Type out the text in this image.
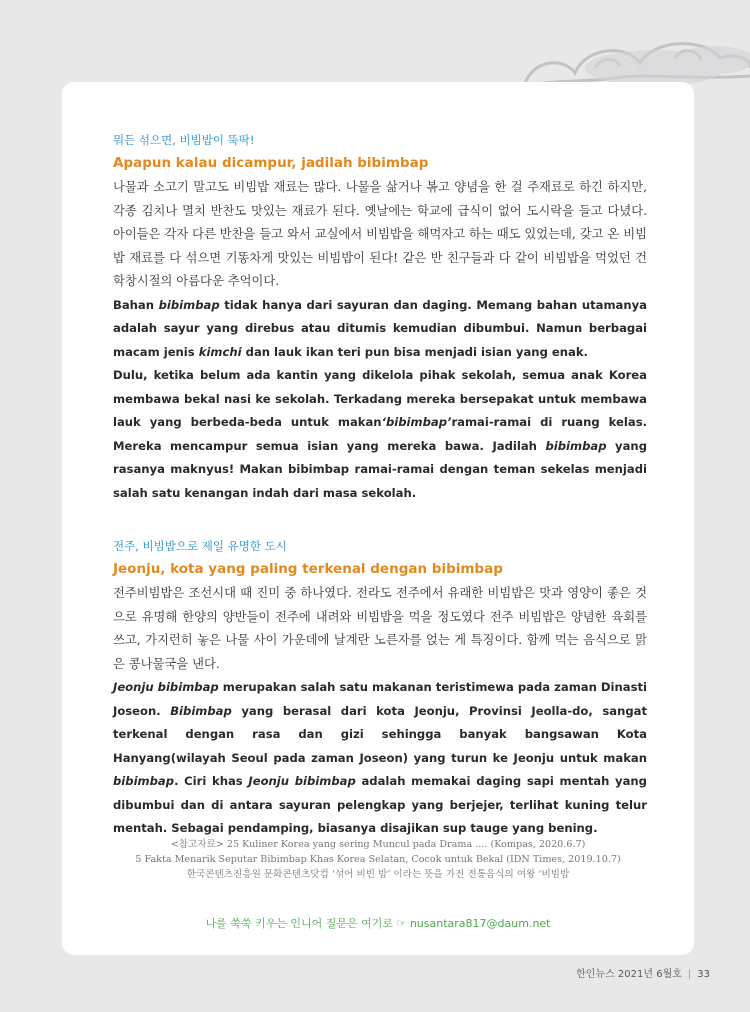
뭐든 섞으면, 비빔밥이 뚝딱!

Apapun kalau dicampur, jadilah bibimbap

나물과 소고기 말고도 비빔밥 재료는 많다. 나물을 삶거나 볶고 양념을 한 걸 주재료로 하긴 하지만, 각종 김치나 멸치 반찬도 맛있는 재료가 된다. 옛날에는 학교에 급식이 없어 도시락을 들고 다녔다. 아이들은 각자 다른 반찬을 들고 와서 교실에서 비빔밥을 해먹자고 하는 때도 있었는데, 갖고 온 비빔밥 재료를 다 섞으면 기똥차게 맛있는 비빔밥이 된다! 같은 반 친구들과 다 같이 비빔밥을 먹었던 건 학창시절의 아름다운 추억이다.

Bahan bibimbap tidak hanya dari sayuran dan daging. Memang bahan utamanya adalah sayur yang direbus atau ditumis kemudian dibumbui. Namun berbagai macam jenis kimchi dan lauk ikan teri pun bisa menjadi isian yang enak.

Dulu, ketika belum ada kantin yang dikelola pihak sekolah, semua anak Korea membawa bekal nasi ke sekolah. Terkadang mereka bersepakat untuk membawa lauk yang berbeda-beda untuk makan‘bibimbap’ramai-ramai di ruang kelas. Mereka mencampur semua isian yang mereka bawa. Jadilah bibimbap yang rasanya maknyus! Makan bibimbap ramai-ramai dengan teman sekelas menjadi salah satu kenangan indah dari masa sekolah.

전주, 비빔밥으로 제일 유명한 도시

Jeonju, kota yang paling terkenal dengan bibimbap

전주비빔밥은 조선시대 때 진미 중 하나였다. 전라도 전주에서 유래한 비빔밥은 맛과 영양이 좋은 것으로 유명해 한양의 양반들이 전주에 내려와 비빔밥을 먹을 정도였다 전주 비빔밥은 양념한 육회를 쓰고, 가지런히 놓은 나물 사이 가운데에 날계란 노른자를 얹는 게 특징이다. 함께 먹는 음식으로 맑은 콩나물국을 낸다.

Jeonju bibimbap merupakan salah satu makanan teristimewa pada zaman Dinasti Joseon. Bibimbap yang berasal dari kota Jeonju, Provinsi Jeolla-do, sangat terkenal dengan rasa dan gizi sehingga banyak bangsawan Kota Hanyang(wilayah Seoul pada zaman Joseon) yang turun ke Jeonju untuk makan bibimbap. Ciri khas Jeonju bibimbap adalah memakai daging sapi mentah yang dibumbui dan di antara sayuran pelengkap yang berjejer, terlihat kuning telur mentah. Sebagai pendamping, biasanya disajikan sup tauge yang bening.

<참고자료> 25 Kuliner Korea yang sering Muncul pada Drama .... (Kompas, 2020.6.7)
5 Fakta Menarik Seputar Bibimbap Khas Korea Selatan, Cocok untuk Bekal (IDN Times, 2019.10.7)
한국콘텐츠진흥원 문화콘텐츠닷컴 ‘섞어 비빈 밥’ 이라는 뜻을 가진 전통음식의 여왕 ‘비빔밥
나를 쑥쑥 키우는 인니어 질문은 여기로 ☞ nusantara817@daum.net
한인뉴스 2021년 6월호 | 33
